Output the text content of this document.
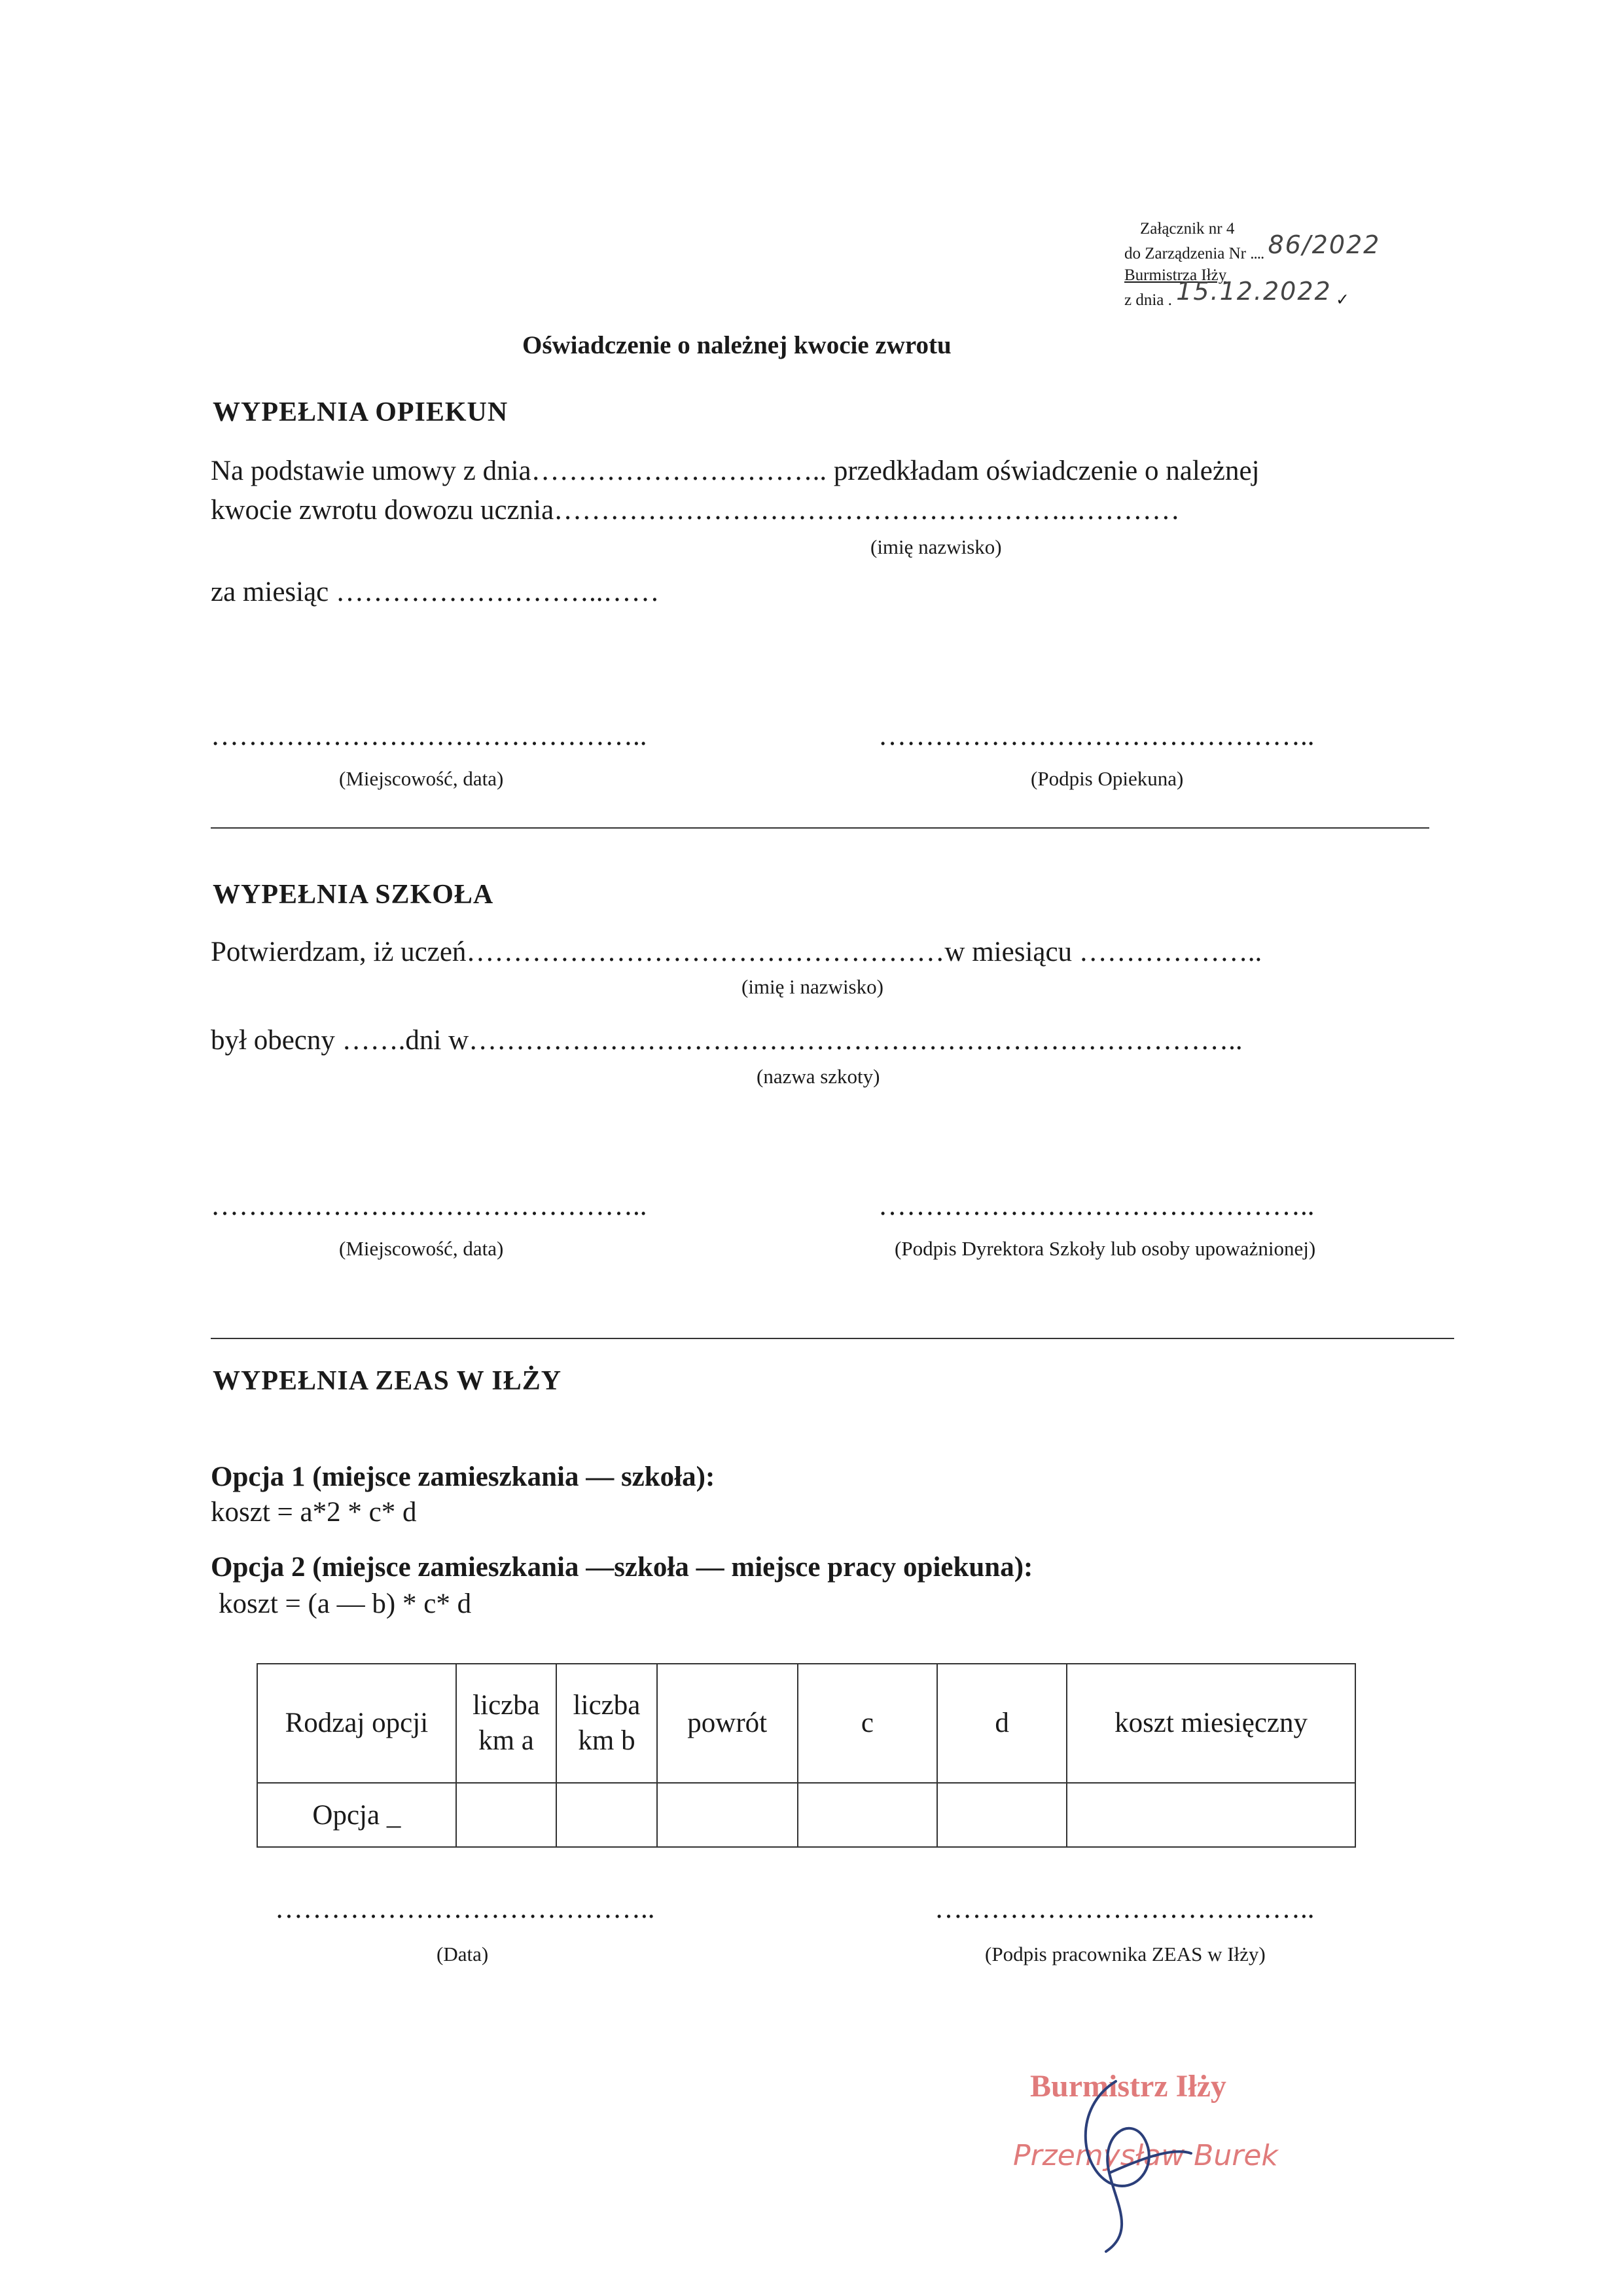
Załącznik nr 4
do Zarządzenia Nr .... 86/2022
Burmistrza Iłży
z dnia . 15.12.2022 ✓
Oświadczenie o należnej kwocie zwrotu
WYPEŁNIA OPIEKUN
Na podstawie umowy z dnia………………………….. przedkładam oświadczenie o należnej
kwocie zwrotu dowozu ucznia……………………………………………….…………
(imię nazwisko)
za miesiąc ………………………..……
………………………………………..	………………………………………..
(Miejscowość, data)	(Podpis Opiekuna)
WYPEŁNIA SZKOŁA
Potwierdzam, iż uczeń……………………………………………w miesiącu ………………..
(imię i nazwisko)
był obecny …….dni w………………………………………………………………………..
(nazwa szkoty)
………………………………………..	………………………………………..
(Miejscowość, data)	(Podpis Dyrektora Szkoły lub osoby upoważnionej)
WYPEŁNIA ZEAS W IŁŻY
Opcja 1 (miejsce zamieszkania — szkoła):
koszt = a*2 * c* d
Opcja 2 (miejsce zamieszkania —szkoła — miejsce pracy opiekuna):
koszt = (a — b) * c* d
Rodzaj opcji	liczba km a	liczba km b	powrót	c	d	koszt miesięczny
Opcja _						
…………………………………..	…………………………………..
(Data)	(Podpis pracownika ZEAS w Iłży)
Burmistrz Iłży
Przemysław Burek
